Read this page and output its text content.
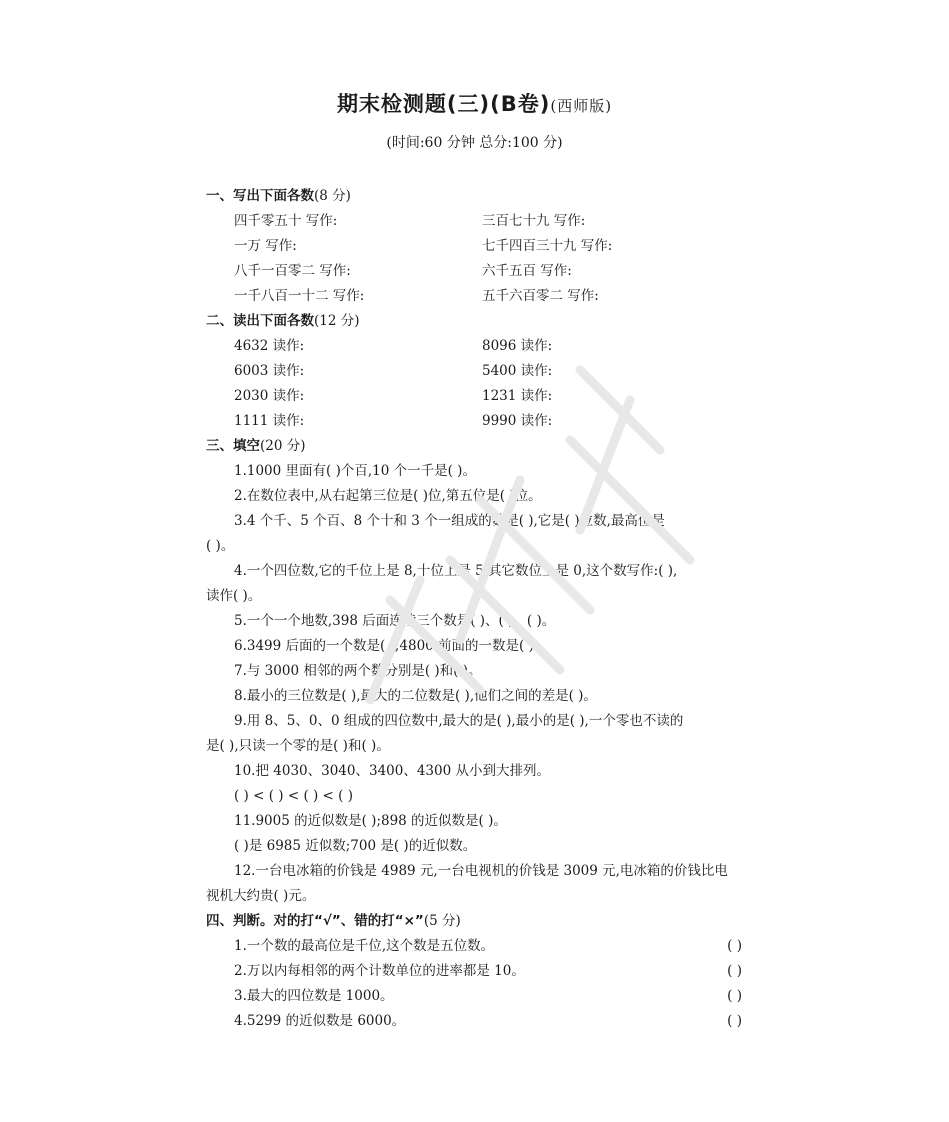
期末检测题(三)(B卷)(西师版)
(时间:60 分钟 总分:100 分)
一、写出下面各数(8 分)
四千零五十 写作:	三百七十九 写作:
一万 写作:	七千四百三十九 写作:
八千一百零二 写作:	六千五百 写作:
一千八百一十二 写作:	五千六百零二 写作:
二、读出下面各数(12 分)
4632 读作:	8096 读作:
6003 读作:	5400 读作:
2030 读作:	1231 读作:
1111 读作:	9990 读作:
三、填空(20 分)
1.1000 里面有( )个百,10 个一千是( )。
2.在数位表中,从右起第三位是( )位,第五位是( )位。
3.4 个千、5 个百、8 个十和 3 个一组成的数是( ),它是( )位数,最高位是
( )。
4.一个四位数,它的千位上是 8,十位上是 5,其它数位上是 0,这个数写作:( ),
读作( )。
5.一个一个地数,398 后面连续三个数是( )、( )、( )。
6.3499 后面的一个数是( );4800 前面的一数是( )。
7.与 3000 相邻的两个数分别是( )和( )。
8.最小的三位数是( ),最大的二位数是( ),他们之间的差是( )。
9.用 8、5、0、0 组成的四位数中,最大的是( ),最小的是( ),一个零也不读的
是( ),只读一个零的是( )和( )。
10.把 4030、3040、3400、4300 从小到大排列。
( ) < ( ) < ( ) < ( )
11.9005 的近似数是( );898 的近似数是( )。
( )是 6985 近似数;700 是( )的近似数。
12.一台电冰箱的价钱是 4989 元,一台电视机的价钱是 3009 元,电冰箱的价钱比电
视机大约贵( )元。
四、判断。对的打“√”、错的打“×”(5 分)
1.一个数的最高位是千位,这个数是五位数。	( )
2.万以内每相邻的两个计数单位的进率都是 10。	( )
3.最大的四位数是 1000。	( )
4.5299 的近似数是 6000。	( )
